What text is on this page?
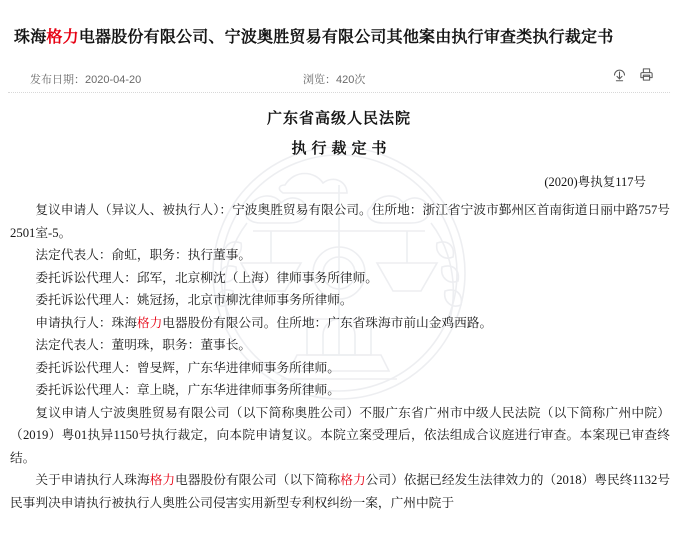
珠海格力电器股份有限公司、宁波奥胜贸易有限公司其他案由执行审查类执行裁定书
发布日期：2020-04-20	浏览：420次
广东省高级人民法院
执行裁定书
(2020)粤执复117号

复议申请人（异议人、被执行人）：宁波奥胜贸易有限公司。住所地：浙江省宁波市鄞州区首南街道日丽中路757号2501室-5。

法定代表人：俞虹，职务：执行董事。

委托诉讼代理人：邱军，北京柳沈（上海）律师事务所律师。

委托诉讼代理人：姚冠扬，北京市柳沈律师事务所律师。

申请执行人：珠海格力电器股份有限公司。住所地：广东省珠海市前山金鸡西路。

法定代表人：董明珠，职务：董事长。

委托诉讼代理人：曾旻辉，广东华进律师事务所律师。

委托诉讼代理人：章上晓，广东华进律师事务所律师。

复议申请人宁波奥胜贸易有限公司（以下简称奥胜公司）不服广东省广州市中级人民法院（以下简称广州中院）（2019）粤01执异1150号执行裁定，向本院申请复议。本院立案受理后，依法组成合议庭进行审查。本案现已审查终结。

关于申请执行人珠海格力电器股份有限公司（以下简称格力公司）依据已经发生法律效力的（2018）粤民终1132号民事判决申请执行被执行人奥胜公司侵害实用新型专利权纠纷一案，广州中院于
